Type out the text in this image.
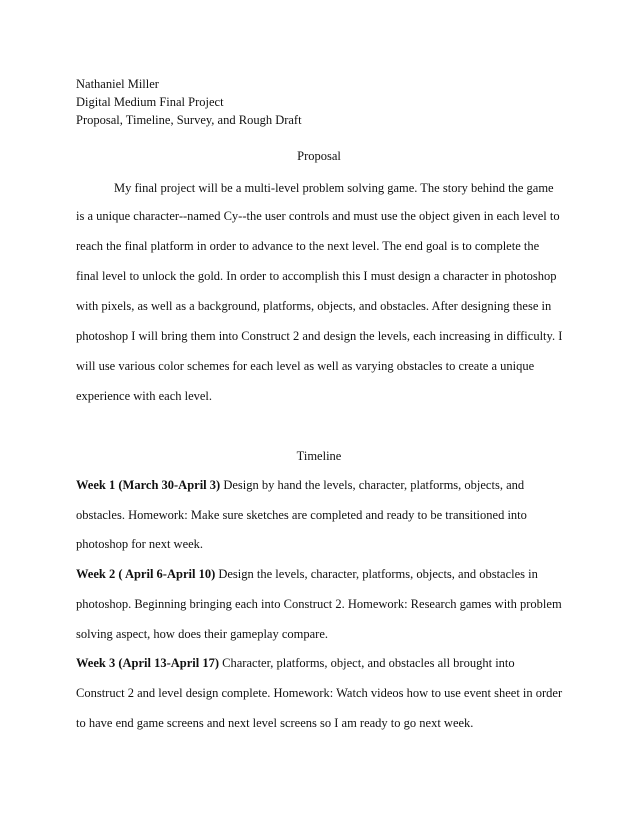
Nathaniel Miller
Digital Medium Final Project
Proposal, Timeline, Survey, and Rough Draft
Proposal
My final project will be a multi-level problem solving game. The story behind the game
is a unique character--named Cy--the user controls and must use the object given in each level to
reach the final platform in order to advance to the next level. The end goal is to complete the
final level to unlock the gold. In order to accomplish this I must design a character in photoshop
with pixels, as well as a background, platforms, objects, and obstacles. After designing these in
photoshop I will bring them into Construct 2 and design the levels, each increasing in difficulty. I
will use various color schemes for each level as well as varying obstacles to create a unique
experience with each level.
Timeline
Week 1 (March 30-April 3) Design by hand the levels, character, platforms, objects, and
obstacles. Homework: Make sure sketches are completed and ready to be transitioned into
photoshop for next week.
Week 2 ( April 6-April 10) Design the levels, character, platforms, objects, and obstacles in
photoshop. Beginning bringing each into Construct 2. Homework: Research games with problem
solving aspect, how does their gameplay compare.
Week 3 (April 13-April 17) Character, platforms, object, and obstacles all brought into
Construct 2 and level design complete. Homework: Watch videos how to use event sheet in order
to have end game screens and next level screens so I am ready to go next week.
